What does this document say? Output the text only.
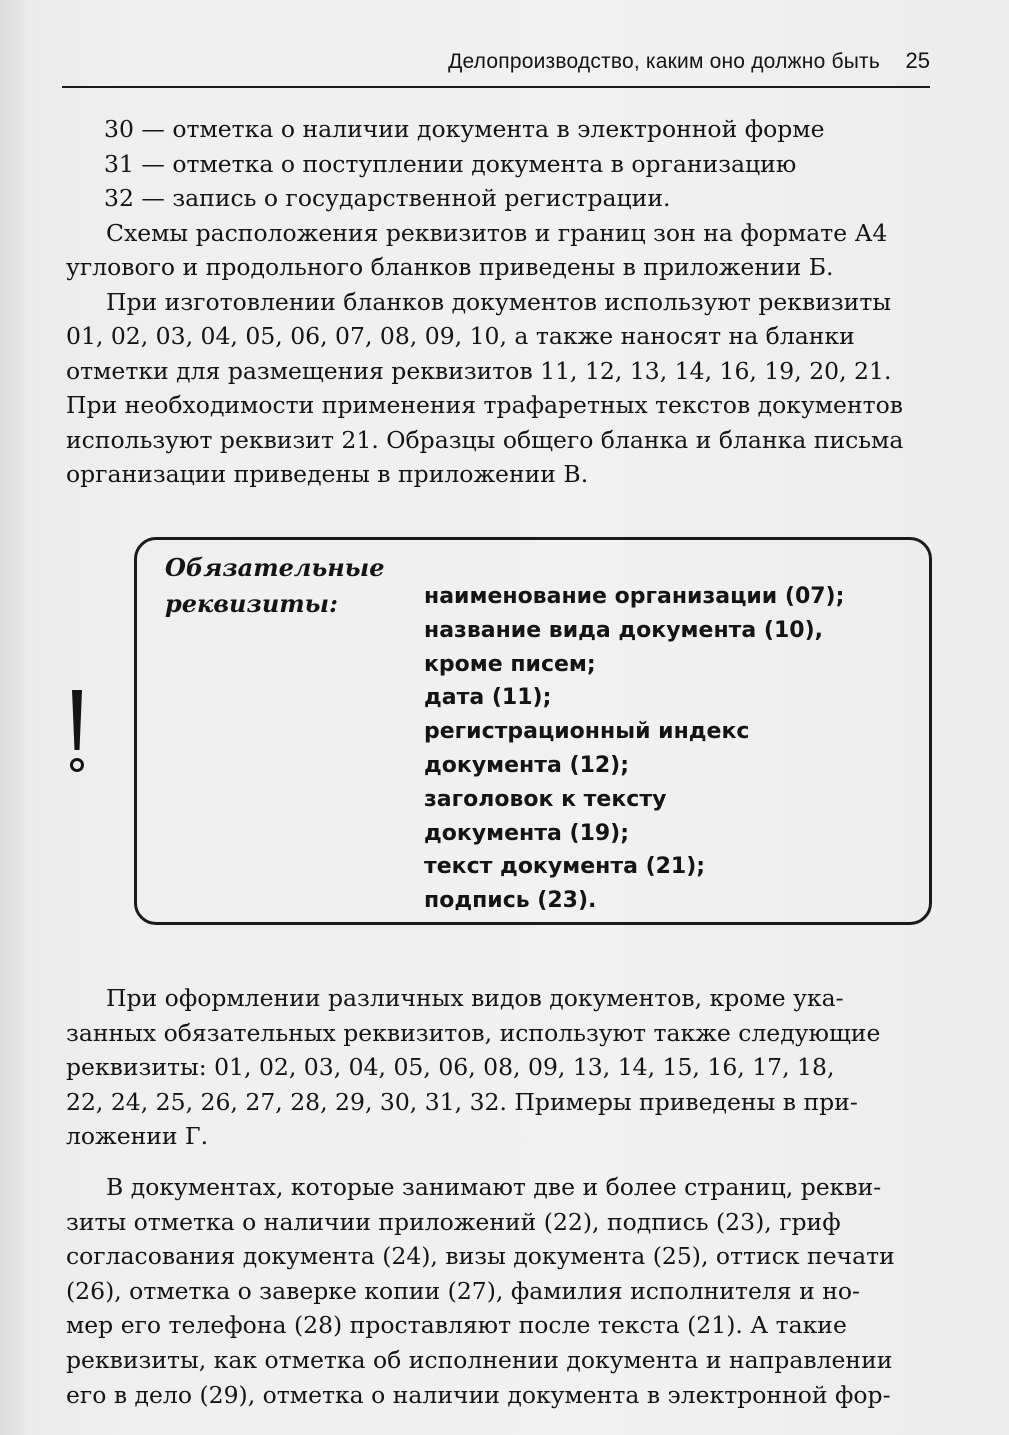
Делопроизводство, каким оно должно быть 25
30 — отметка о наличии документа в электронной форме
31 — отметка о поступлении документа в организацию
32 — запись о государственной регистрации.
Схемы расположения реквизитов и границ зон на формате А4
углового и продольного бланков приведены в приложении Б.
При изготовлении бланков документов используют реквизиты
01, 02, 03, 04, 05, 06, 07, 08, 09, 10, а также наносят на бланки
отметки для размещения реквизитов 11, 12, 13, 14, 16, 19, 20, 21.
При необходимости применения трафаретных текстов документов
используют реквизит 21. Образцы общего бланка и бланка письма
организации приведены в приложении В.
Обязательные
реквизиты:	наименование организации (07);
название вида документа (10),
кроме писем;
дата (11);
регистрационный индекс
документа (12);
заголовок к тексту
документа (19);
текст документа (21);
подпись (23).
При оформлении различных видов документов, кроме ука-
занных обязательных реквизитов, используют также следующие
реквизиты: 01, 02, 03, 04, 05, 06, 08, 09, 13, 14, 15, 16, 17, 18,
22, 24, 25, 26, 27, 28, 29, 30, 31, 32. Примеры приведены в при-
ложении Г.
В документах, которые занимают две и более страниц, рекви-
зиты отметка о наличии приложений (22), подпись (23), гриф
согласования документа (24), визы документа (25), оттиск печати
(26), отметка о заверке копии (27), фамилия исполнителя и но-
мер его телефона (28) проставляют после текста (21). А такие
реквизиты, как отметка об исполнении документа и направлении
его в дело (29), отметка о наличии документа в электронной фор-
